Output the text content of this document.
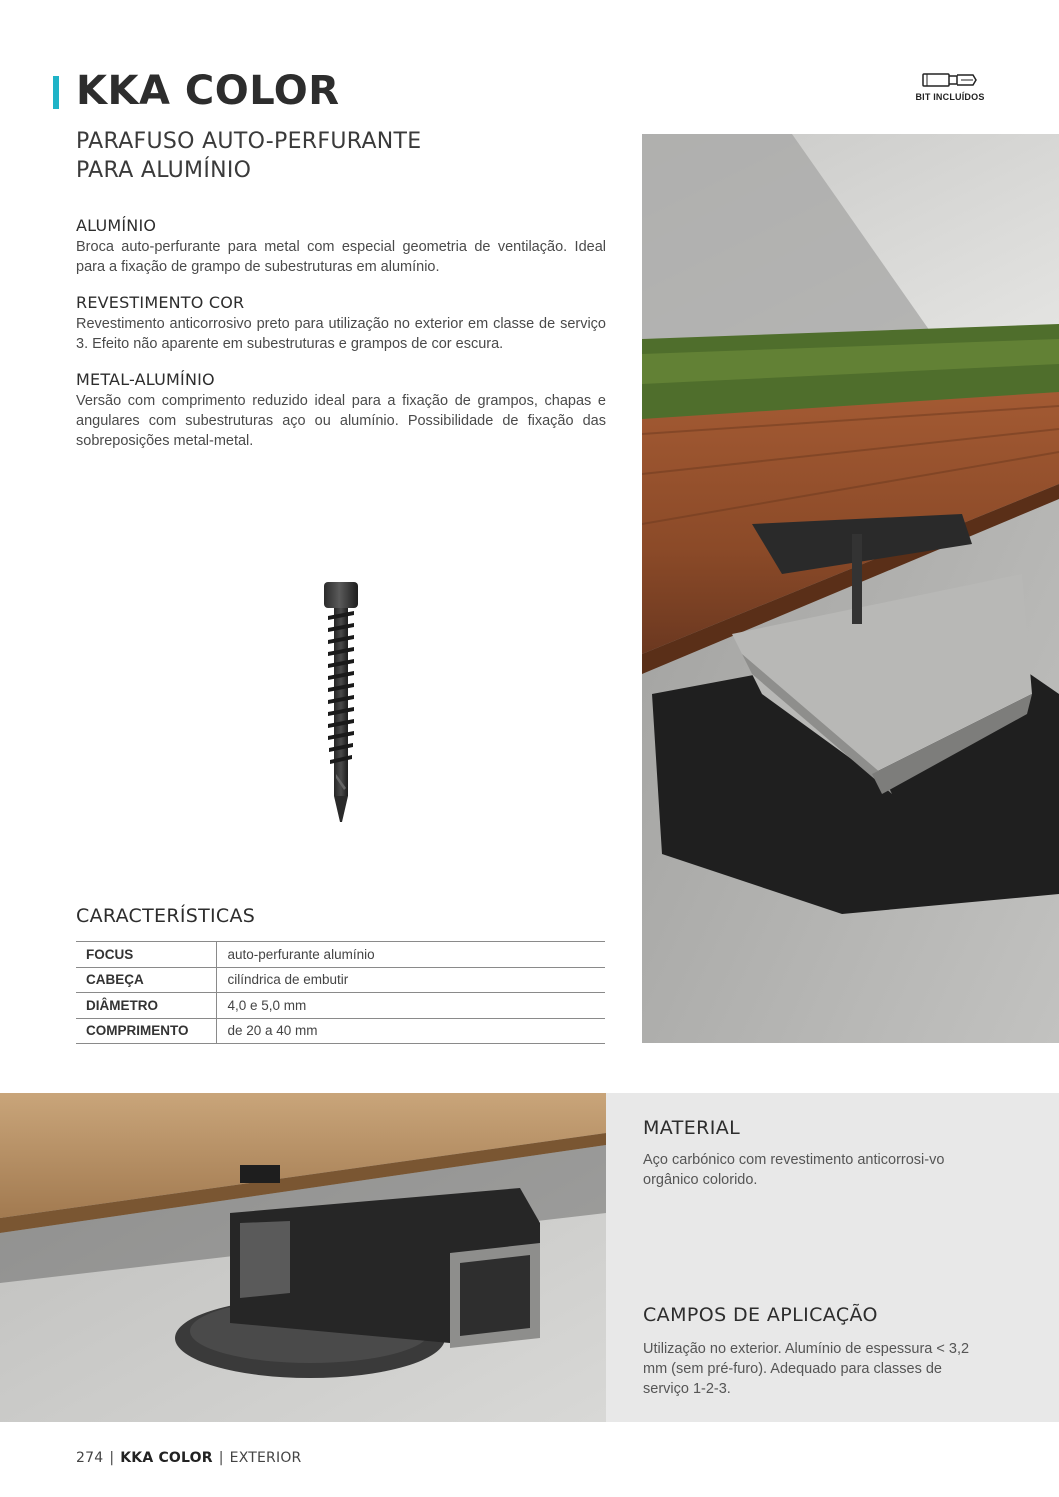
KKA COLOR
PARAFUSO AUTO-PERFURANTE
PARA ALUMÍNIO
BIT INCLUÍDOS
ALUMÍNIO

Broca auto-perfurante para metal com especial geometria de ventilação. Ideal para a fixação de grampo de subestruturas em alumínio.

REVESTIMENTO COR

Revestimento anticorrosivo preto para utilização no exterior em classe de serviço 3. Efeito não aparente em subestruturas e grampos de cor escura.

METAL-ALUMÍNIO

Versão com comprimento reduzido ideal para a fixação de grampos, chapas e angulares com subestruturas aço ou alumínio. Possibilidade de fixação das sobreposições metal-metal.

CARACTERÍSTICAS
FOCUS	auto-perfurante alumínio
CABEÇA	cilíndrica de embutir
DIÂMETRO	4,0 e 5,0 mm
COMPRIMENTO	de 20 a 40 mm
MATERIAL
Aço carbónico com revestimento anticorrosi-vo orgânico colorido.
CAMPOS DE APLICAÇÃO
Utilização no exterior. Alumínio de espessura < 3,2 mm (sem pré-furo). Adequado para classes de serviço 1-2-3.
274 | KKA COLOR | EXTERIOR
